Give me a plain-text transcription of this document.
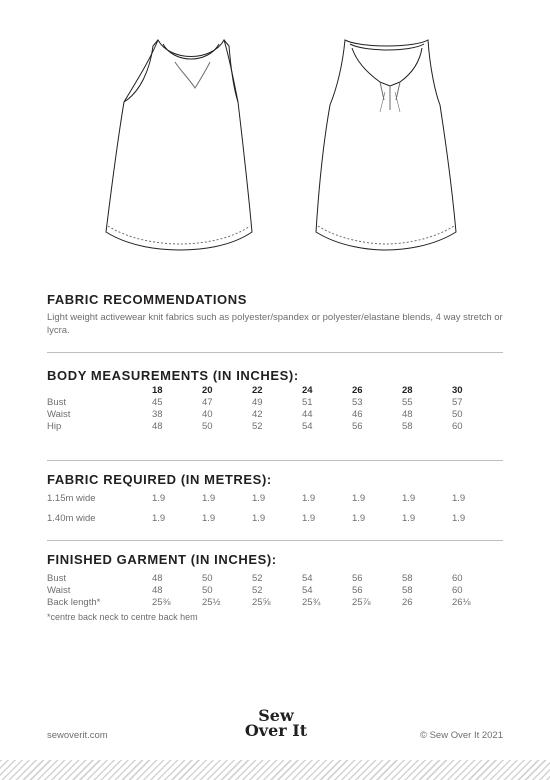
FABRIC RECOMMENDATIONS
Light weight activewear knit fabrics such as polyester/spandex or polyester/elastane blends, 4 way stretch or lycra.
BODY MEASUREMENTS (IN INCHES):
	18	20	22	24	26	28	30
Bust	45	47	49	51	53	55	57
Waist	38	40	42	44	46	48	50
Hip	48	50	52	54	56	58	60
FABRIC REQUIRED (IN METRES):
1.15m wide	1.9	1.9	1.9	1.9	1.9	1.9	1.9
1.40m wide	1.9	1.9	1.9	1.9	1.9	1.9	1.9
FINISHED GARMENT (IN INCHES):
Bust	48	50	52	54	56	58	60
Waist	48	50	52	54	56	58	60
Back length*	25⅜	25½	25⅝	25¾	25⅞	26	26⅛
*centre back neck to centre back hem
sewoverit.com
Sew
Over It	© Sew Over It 2021
